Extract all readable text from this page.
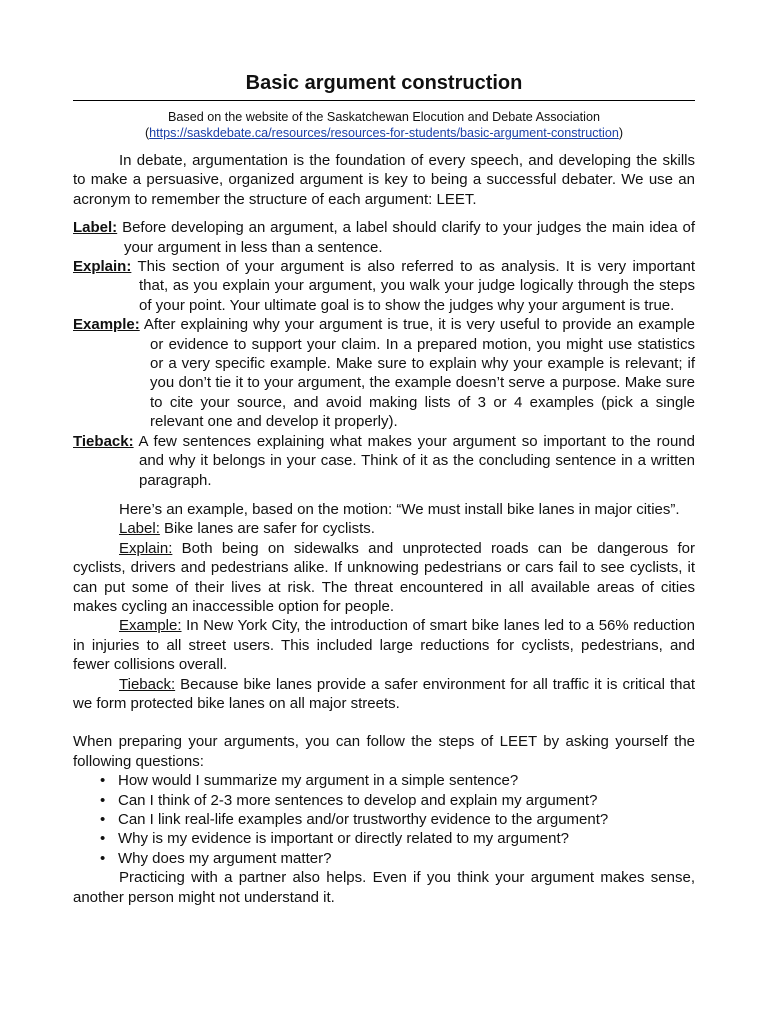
Basic argument construction
Based on the website of the Saskatchewan Elocution and Debate Association
(https://saskdebate.ca/resources/resources-for-students/basic-argument-construction)

In debate, argumentation is the foundation of every speech, and developing the skills to make a persuasive, organized argument is key to being a successful debater. We use an acronym to remember the structure of each argument: LEET.

Label: Before developing an argument, a label should clarify to your judges the main idea of your argument in less than a sentence.
Explain: This section of your argument is also referred to as analysis. It is very important that, as you explain your argument, you walk your judge logically through the steps of your point. Your ultimate goal is to show the judges why your argument is true.
Example: After explaining why your argument is true, it is very useful to provide an example or evidence to support your claim. In a prepared motion, you might use statistics or a very specific example. Make sure to explain why your example is relevant; if you don’t tie it to your argument, the example doesn’t serve a purpose. Make sure to cite your source, and avoid making lists of 3 or 4 examples (pick a single relevant one and develop it properly).
Tieback: A few sentences explaining what makes your argument so important to the round and why it belongs in your case. Think of it as the concluding sentence in a written paragraph.

Here’s an example, based on the motion: “We must install bike lanes in major cities”.

Label: Bike lanes are safer for cyclists.

Explain: Both being on sidewalks and unprotected roads can be dangerous for cyclists, drivers and pedestrians alike. If unknowing pedestrians or cars fail to see cyclists, it can put some of their lives at risk. The threat encountered in all available areas of cities makes cycling an inaccessible option for people.

Example: In New York City, the introduction of smart bike lanes led to a 56% reduction in injuries to all street users. This included large reductions for cyclists, pedestrians, and fewer collisions overall.

Tieback: Because bike lanes provide a safer environment for all traffic it is critical that we form protected bike lanes on all major streets.

When preparing your arguments, you can follow the steps of LEET by asking yourself the following questions:

• How would I summarize my argument in a simple sentence?
• Can I think of 2-3 more sentences to develop and explain my argument?
• Can I link real-life examples and/or trustworthy evidence to the argument?
• Why is my evidence is important or directly related to my argument?
• Why does my argument matter?

Practicing with a partner also helps. Even if you think your argument makes sense, another person might not understand it.
